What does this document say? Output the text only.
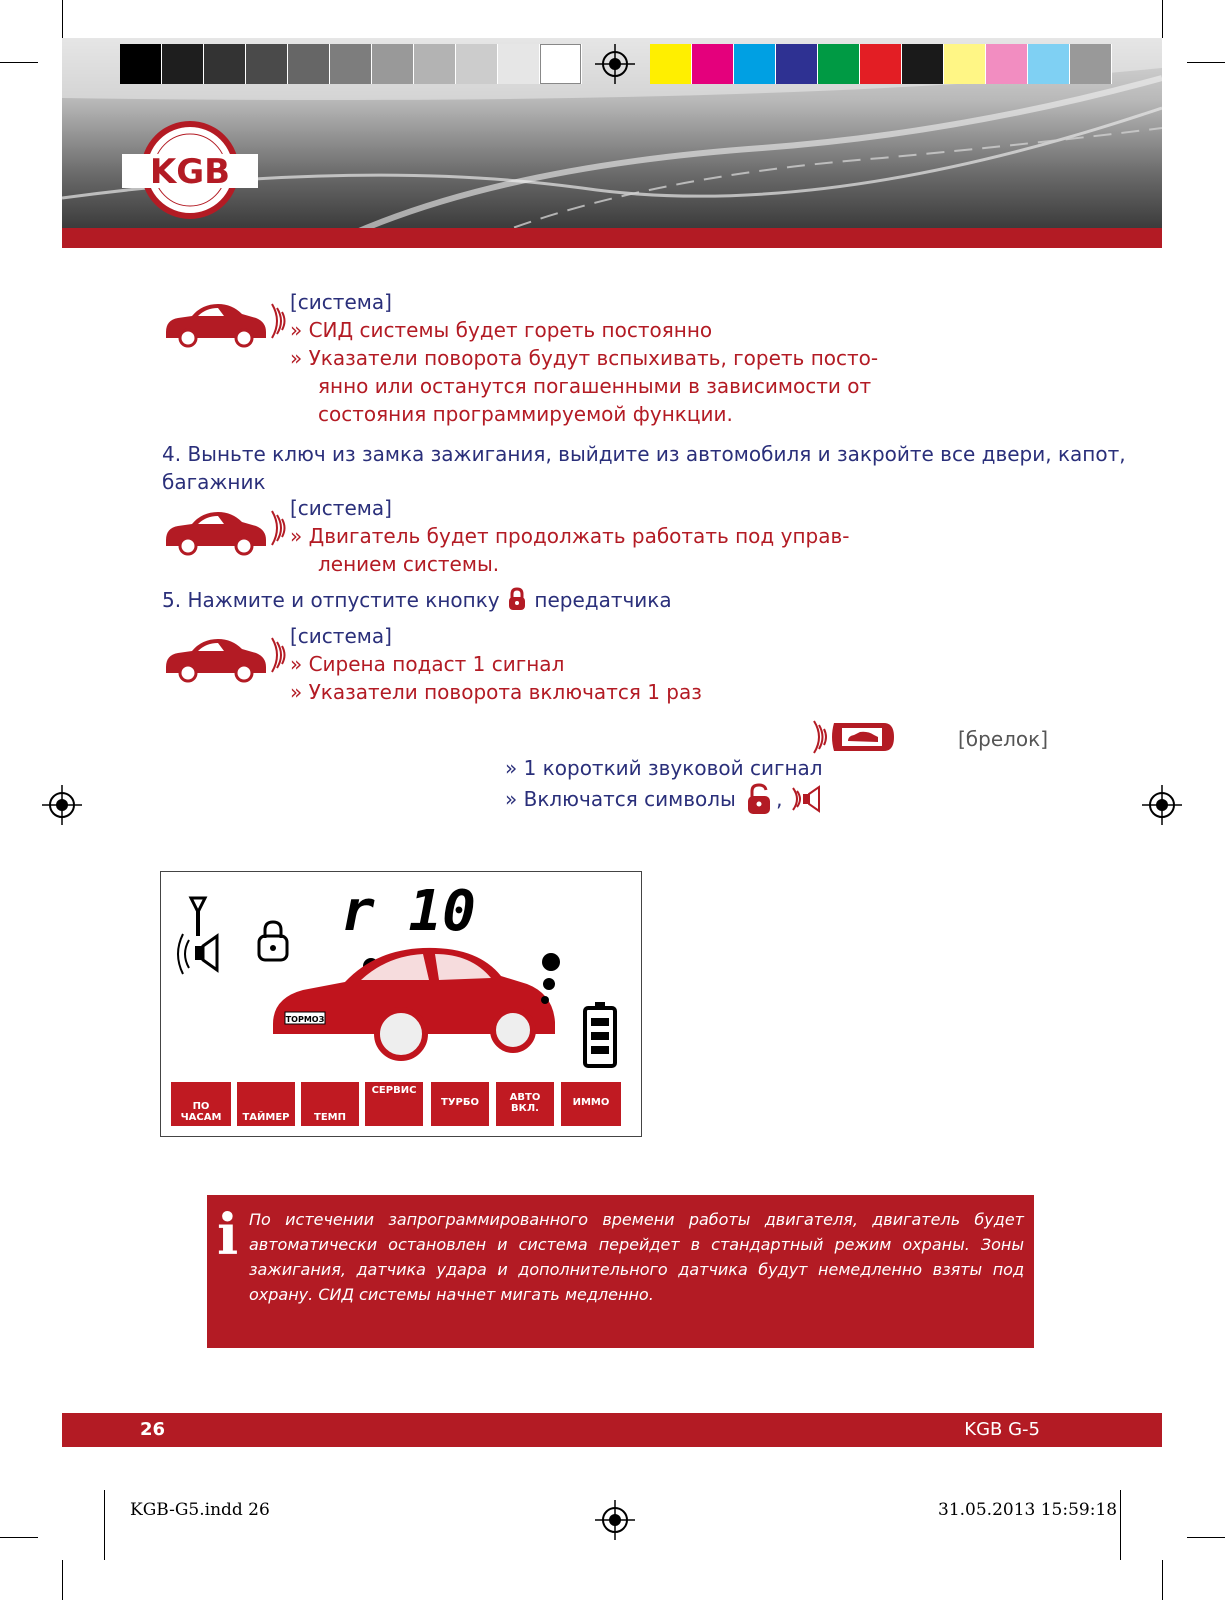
KGB
[система]
» СИД системы будет гореть постоянно
» Указатели поворота будут вспыхивать, гореть посто-
янно или останутся погашенными в зависимости от
состояния программируемой функции.
4. Выньте ключ из замка зажигания, выйдите из автомобиля и закройте все двери, капот,
багажник
[система]
» Двигатель будет продолжать работать под управ-
лением системы.
5. Нажмите и отпустите кнопку передатчика
[система]
» Сирена подаст 1 сигнал
» Указатели поворота включатся 1 раз
[брелок]
» 1 короткий звуковой сигнал
» Включатся символы ,
r 10
ТОРМОЗ
ПО ЧАСАМ	ТАЙМЕР	ТЕМП
СЕРВИС
ТУРБО	АВТО ВКЛ.	ИММО
i По истечении запрограммированного времени работы двигателя, двигатель будет автоматически остановлен и система перейдет в стандартный режим охраны. Зоны зажигания, датчика удара и дополнительного датчика будут немедленно взяты под охрану. СИД системы начнет мигать медленно.

26	KGB G-5
KGB-G5.indd 26	31.05.2013 15:59:18
